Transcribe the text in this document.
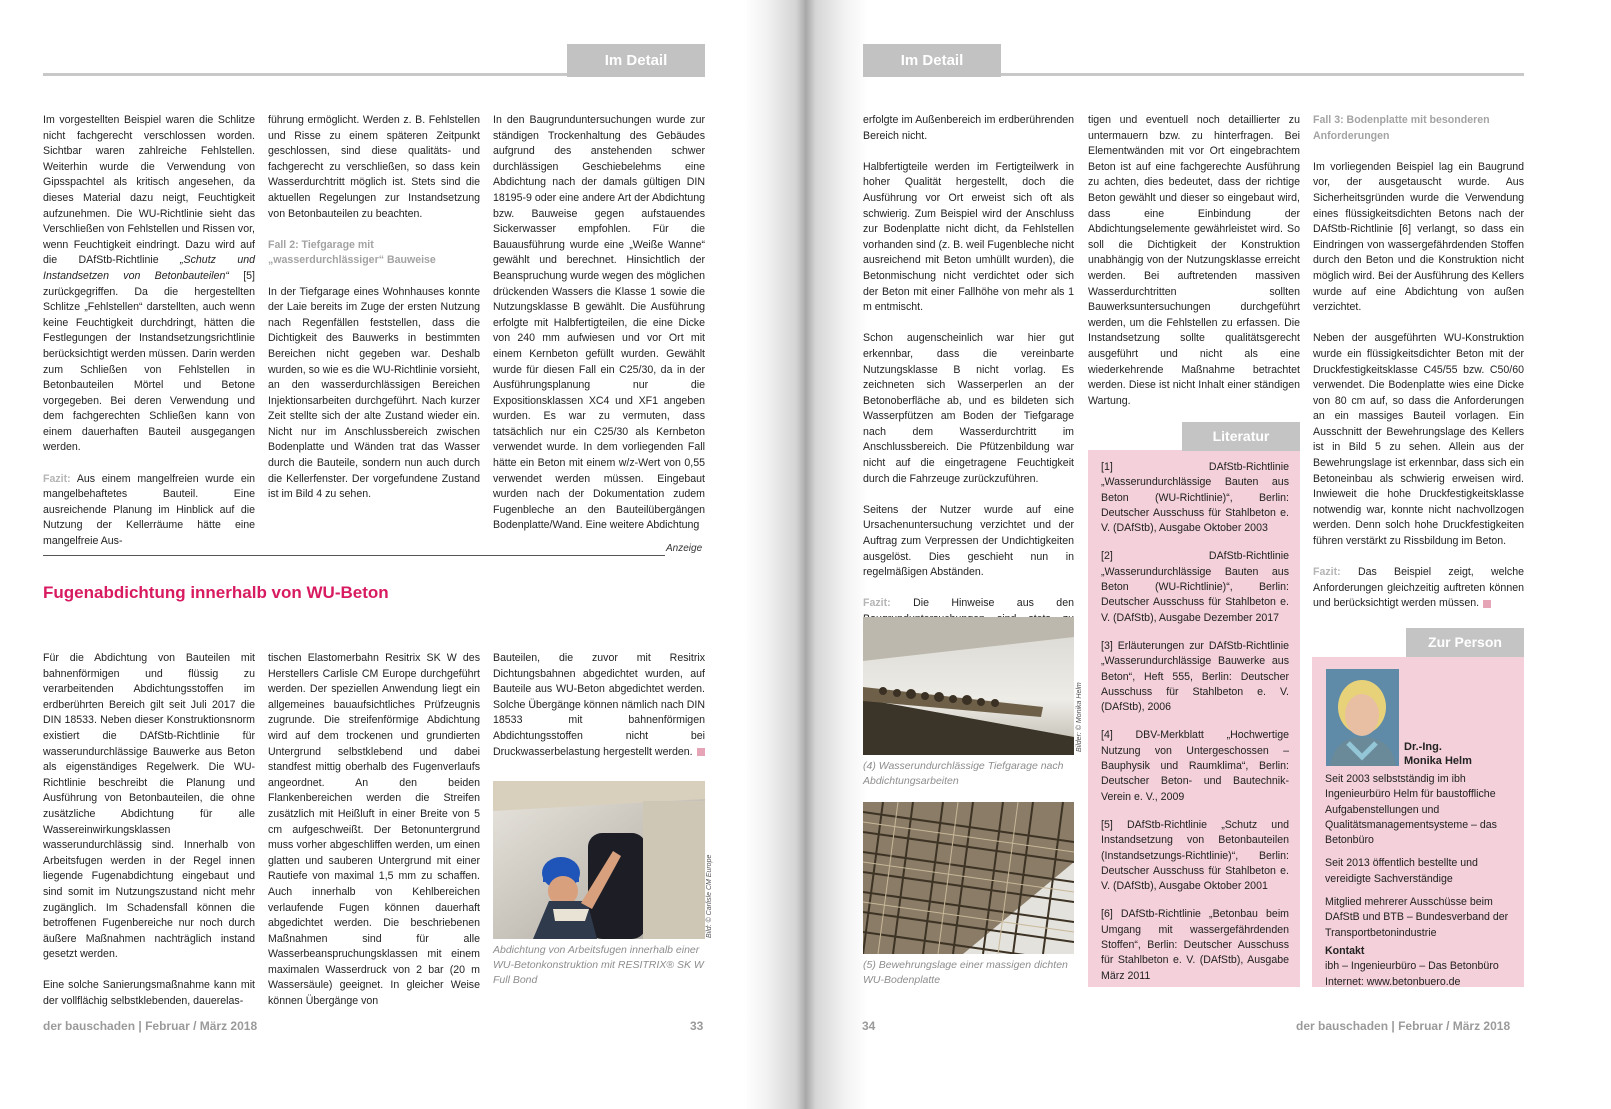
Im Detail

Im vorgestellten Beispiel waren die Schlitze nicht fachgerecht verschlossen worden. Sichtbar waren zahlreiche Fehlstellen. Weiterhin wurde die Verwendung von Gipsspachtel als kritisch angesehen, da dieses Material dazu neigt, Feuchtigkeit aufzunehmen. Die WU-Richtlinie sieht das Verschließen von Fehlstellen und Rissen vor, wenn Feuchtigkeit eindringt. Dazu wird auf die DAfStb-Richtlinie „Schutz und Instandsetzen von Betonbauteilen“ [5] zurückgegriffen. Da die hergestellten Schlitze „Fehlstellen“ darstellten, auch wenn keine Feuchtigkeit durchdringt, hätten die Festlegungen der Instandsetzungsrichtlinie berücksichtigt werden müssen. Darin werden zum Schließen von Fehlstellen in Betonbauteilen Mörtel und Betone vorgegeben. Bei deren Verwendung und dem fachgerechten Schließen kann von einem dauerhaften Bauteil ausgegangen werden.

Fazit: Aus einem mangelfreien wurde ein mangelbehaftetes Bauteil. Eine ausreichende Planung im Hinblick auf die Nutzung der Kellerräume hätte eine mangelfreie Aus-

führung ermöglicht. Werden z. B. Fehlstellen und Risse zu einem späteren Zeitpunkt geschlossen, sind diese qualitäts- und fachgerecht zu verschließen, so dass kein Wasserdurchtritt möglich ist. Stets sind die aktuellen Regelungen zur Instandsetzung von Betonbauteilen zu beachten.

Fall 2: Tiefgarage mit „wasserdurchlässiger“ Bauweise

In der Tiefgarage eines Wohnhauses konnte der Laie bereits im Zuge der ersten Nutzung nach Regenfällen feststellen, dass die Dichtigkeit des Bauwerks in bestimmten Bereichen nicht gegeben war. Deshalb wurden, so wie es die WU-Richtlinie vorsieht, an den wasserdurchlässigen Bereichen Injektionsarbeiten durchgeführt. Nach kurzer Zeit stellte sich der alte Zustand wieder ein. Nicht nur im Anschlussbereich zwischen Bodenplatte und Wänden trat das Wasser durch die Bauteile, sondern nun auch durch die Kellerfenster. Der vorgefundene Zustand ist im Bild 4 zu sehen.

In den Baugrunduntersuchungen wurde zur ständigen Trockenhaltung des Gebäudes aufgrund des anstehenden schwer durchlässigen Geschiebelehms eine Abdichtung nach der damals gültigen DIN 18195-9 oder eine andere Art der Abdichtung bzw. Bauweise gegen aufstauendes Sickerwasser empfohlen. Für die Bauausführung wurde eine „Weiße Wanne“ gewählt und berechnet. Hinsichtlich der Beanspruchung wurde wegen des möglichen drückenden Wassers die Klasse 1 sowie die Nutzungsklasse B gewählt. Die Ausführung erfolgte mit Halbfertigteilen, die eine Dicke von 240 mm aufwiesen und vor Ort mit einem Kernbeton gefüllt wurden. Gewählt wurde für diesen Fall ein C25/30, da in der Ausführungsplanung nur die Expositionsklassen XC4 und XF1 angeben wurden. Es war zu vermuten, dass tatsächlich nur ein C25/30 als Kernbeton verwendet wurde. In dem vorliegenden Fall hätte ein Beton mit einem w/z-Wert von 0,55 verwendet werden müssen. Eingebaut wurden nach der Dokumentation zudem Fugenbleche an den Bauteilübergängen Bodenplatte/Wand. Eine weitere Abdichtung

Anzeige
Fugenabdichtung innerhalb von WU-Beton

Für die Abdichtung von Bauteilen mit bahnenförmigen und flüssig zu verarbeitenden Abdichtungsstoffen im erdberührten Bereich gilt seit Juli 2017 die DIN 18533. Neben dieser Konstruktionsnorm existiert die DAfStb-Richtlinie für wasserundurchlässige Bauwerke aus Beton als eigenständiges Regelwerk. Die WU-Richtlinie beschreibt die Planung und Ausführung von Betonbauteilen, die ohne zusätzliche Abdichtung für alle Wassereinwirkungsklassen wasserundurchlässig sind. Innerhalb von Arbeitsfugen werden in der Regel innen liegende Fugenabdichtung eingebaut und sind somit im Nutzungszustand nicht mehr zugänglich. Im Schadensfall können die betroffenen Fugenbereiche nur noch durch äußere Maßnahmen nachträglich instand gesetzt werden.

Eine solche Sanierungsmaßnahme kann mit der vollflächig selbstklebenden, dauerelas-

tischen Elastomerbahn Resitrix SK W des Herstellers Carlisle CM Europe durchgeführt werden. Der speziellen Anwendung liegt ein allgemeines bauaufsichtliches Prüfzeugnis zugrunde. Die streifenförmige Abdichtung wird auf dem trockenen und grundierten Untergrund selbstklebend und dabei standfest mittig oberhalb des Fugenverlaufs angeordnet. An den beiden Flankenbereichen werden die Streifen zusätzlich mit Heißluft in einer Breite von 5 cm aufgeschweißt. Der Betonuntergrund muss vorher abgeschliffen werden, um einen glatten und sauberen Untergrund mit einer Rautiefe von maximal 1,5 mm zu schaffen. Auch innerhalb von Kehlbereichen verlaufende Fugen können dauerhaft abgedichtet werden. Die beschriebenen Maßnahmen sind für alle Wasserbeanspruchungsklassen mit einem maximalen Wasserdruck von 2 bar (20 m Wassersäule) geeignet. In gleicher Weise können Übergänge von

Bauteilen, die zuvor mit Resitrix Dichtungsbahnen abgedichtet wurden, auf Bauteile aus WU-Beton abgedichtet werden. Solche Übergänge können nämlich nach DIN 18533 mit bahnenförmigen Abdichtungsstoffen nicht bei Druckwasserbelastung hergestellt werden.

Bild: © Carlisle CM Europe
Abdichtung von Arbeitsfugen innerhalb einer WU-Betonkonstruktion mit RESITRIX® SK W Full Bond
der bauschaden | Februar / März 2018	33
Im Detail
34	der bauschaden | Februar / März 2018

erfolgte im Außenbereich im erdberührenden Bereich nicht.

Halbfertigteile werden im Fertigteilwerk in hoher Qualität hergestellt, doch die Ausführung vor Ort erweist sich oft als schwierig. Zum Beispiel wird der Anschluss zur Bodenplatte nicht dicht, da Fehlstellen vorhanden sind (z. B. weil Fugenbleche nicht ausreichend mit Beton umhüllt wurden), die Betonmischung nicht verdichtet oder sich der Beton mit einer Fallhöhe von mehr als 1 m entmischt.

Schon augenscheinlich war hier gut erkennbar, dass die vereinbarte Nutzungsklasse B nicht vorlag. Es zeichneten sich Wasserperlen an der Betonoberfläche ab, und es bildeten sich Wasserpfützen am Boden der Tiefgarage nach dem Wasserdurchtritt im Anschlussbereich. Die Pfützenbildung war nicht auf die eingetragene Feuchtigkeit durch die Fahrzeuge zurückzuführen.

Seitens der Nutzer wurde auf eine Ursachenuntersuchung verzichtet und der Auftrag zum Verpressen der Undichtigkeiten ausgelöst. Dies geschieht nun in regelmäßigen Abständen.

Fazit: Die Hinweise aus den

Bilder: © Monika Helm
(4) Wasserundurchlässige Tiefgarage nach Abdichtungsarbeiten
(5) Bewehrungslage einer massigen dichten WU-Bodenplatte

tigen und eventuell noch detaillierter zu untermauern bzw. zu hinterfragen. Bei Elementwänden mit vor Ort eingebrachtem Beton ist auf eine fachgerechte Ausführung zu achten, dies bedeutet, dass der richtige Beton gewählt und dieser so eingebaut wird, dass eine Einbindung der Abdichtungselemente gewährleistet wird. So soll die Dichtigkeit der Konstruktion unabhängig von der Nutzungsklasse erreicht werden. Bei auftretenden massiven Wasserdurchtritten sollten Bauwerksuntersuchungen durchgeführt werden, um die Fehlstellen zu erfassen. Die Instandsetzung sollte qualitätsgerecht ausgeführt und nicht als eine wiederkehrende Maßnahme betrachtet werden. Diese ist nicht Inhalt einer ständigen Wartung.

Literatur

[1] DAfStb-Richtlinie „Wasserundurchlässige Bauten aus Beton (WU-Richtlinie)“, Berlin: Deutscher Ausschuss für Stahlbeton e. V. (DAfStb), Ausgabe Oktober 2003

[2] DAfStb-Richtlinie „Wasserundurchlässige Bauten aus Beton (WU-Richtlinie)“, Berlin: Deutscher Ausschuss für Stahlbeton e. V. (DAfStb), Ausgabe Dezember 2017

[3] Erläuterungen zur DAfStb-Richtlinie „Wasserundurchlässige Bauwerke aus Beton“, Heft 555, Berlin: Deutscher Ausschuss für Stahlbeton e. V. (DAfStb), 2006

[4] DBV-Merkblatt „Hochwertige Nutzung von Untergeschossen – Bauphysik und Raumklima“, Berlin: Deutscher Beton- und Bautechnik-Verein e. V., 2009

[5] DAfStb-Richtlinie „Schutz und Instandsetzung von Betonbauteilen (Instandsetzungs-Richtlinie)“, Berlin: Deutscher Ausschuss für Stahlbeton e. V. (DAfStb), Ausgabe Oktober 2001

[6] DAfStb-Richtlinie „Betonbau beim Umgang mit wassergefährdenden Stoffen“, Berlin: Deutscher Ausschuss für Stahlbeton e. V. (DAfStb), Ausgabe März 2011

Fall 3: Bodenplatte mit besonderen Anforderungen

Im vorliegenden Beispiel lag ein Baugrund vor, der ausgetauscht wurde. Aus Sicherheitsgründen wurde die Verwendung eines flüssigkeitsdichten Betons nach der DAfStb-Richtlinie [6] verlangt, so dass ein Eindringen von wassergefährdenden Stoffen durch den Beton und die Konstruktion nicht möglich wird. Bei der Ausführung des Kellers wurde auf eine Abdichtung von außen verzichtet.

Neben der ausgeführten WU-Konstruktion wurde ein flüssigkeitsdichter Beton mit der Druckfestigkeitsklasse C45/55 bzw. C50/60 verwendet. Die Bodenplatte wies eine Dicke von 80 cm auf, so dass die Anforderungen an ein massiges Bauteil vorlagen. Ein Ausschnitt der Bewehrungslage des Kellers ist in Bild 5 zu sehen. Allein aus der Bewehrungslage ist erkennbar, dass sich ein Betoneinbau als schwierig erweisen wird. Inwieweit die hohe Druckfestigkeitsklasse notwendig war, konnte nicht nachvollzogen werden. Denn solch hohe Druckfestigkeiten führen verstärkt zu Rissbildung im Beton.

Fazit: Das Beispiel zeigt, welche Anforderungen gleichzeitig auftreten können und berücksichtigt werden müssen.

Zur Person
Dr.-Ing.
Monika Helm

Seit 2003 selbstständig im ibh Ingenieurbüro Helm für baustoffliche Aufgabenstellungen und Qualitätsmanagementsysteme – das Betonbüro

Seit 2013 öffentlich bestellte und vereidigte Sachverständige

Mitglied mehrerer Ausschüsse beim DAfStB und BTB – Bundesverband der Transportbetonindustrie

Kontakt
ibh – Ingenieurbüro – Das Betonbüro
Internet: www.betonbuero.de
